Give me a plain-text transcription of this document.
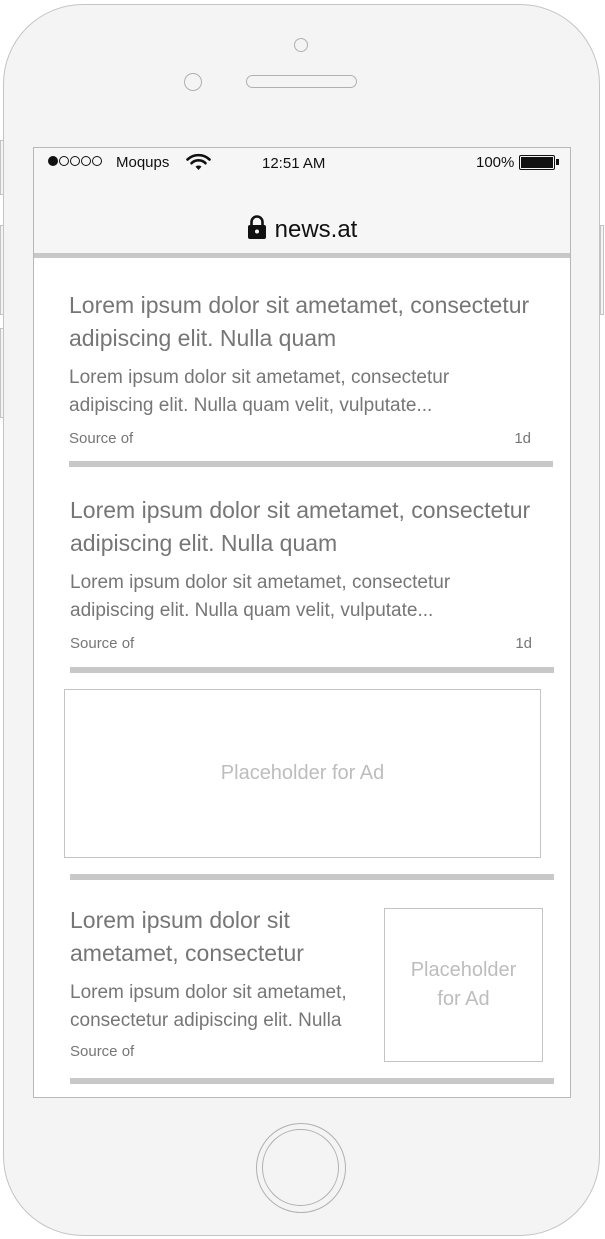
Moqups	12:51 AM	100%
news.at
Lorem ipsum dolor sit ametamet, consectetur adipiscing elit. Nulla quam
Lorem ipsum dolor sit ametamet, consectetur adipiscing elit. Nulla quam velit, vulputate...
Source of	1d
Lorem ipsum dolor sit ametamet, consectetur adipiscing elit. Nulla quam
Lorem ipsum dolor sit ametamet, consectetur adipiscing elit. Nulla quam velit, vulputate...
Source of	1d
Placeholder for Ad
Lorem ipsum dolor sit ametamet, consectetur
Lorem ipsum dolor sit ametamet, consectetur adipiscing elit. Nulla
Source of
Placeholder for Ad
